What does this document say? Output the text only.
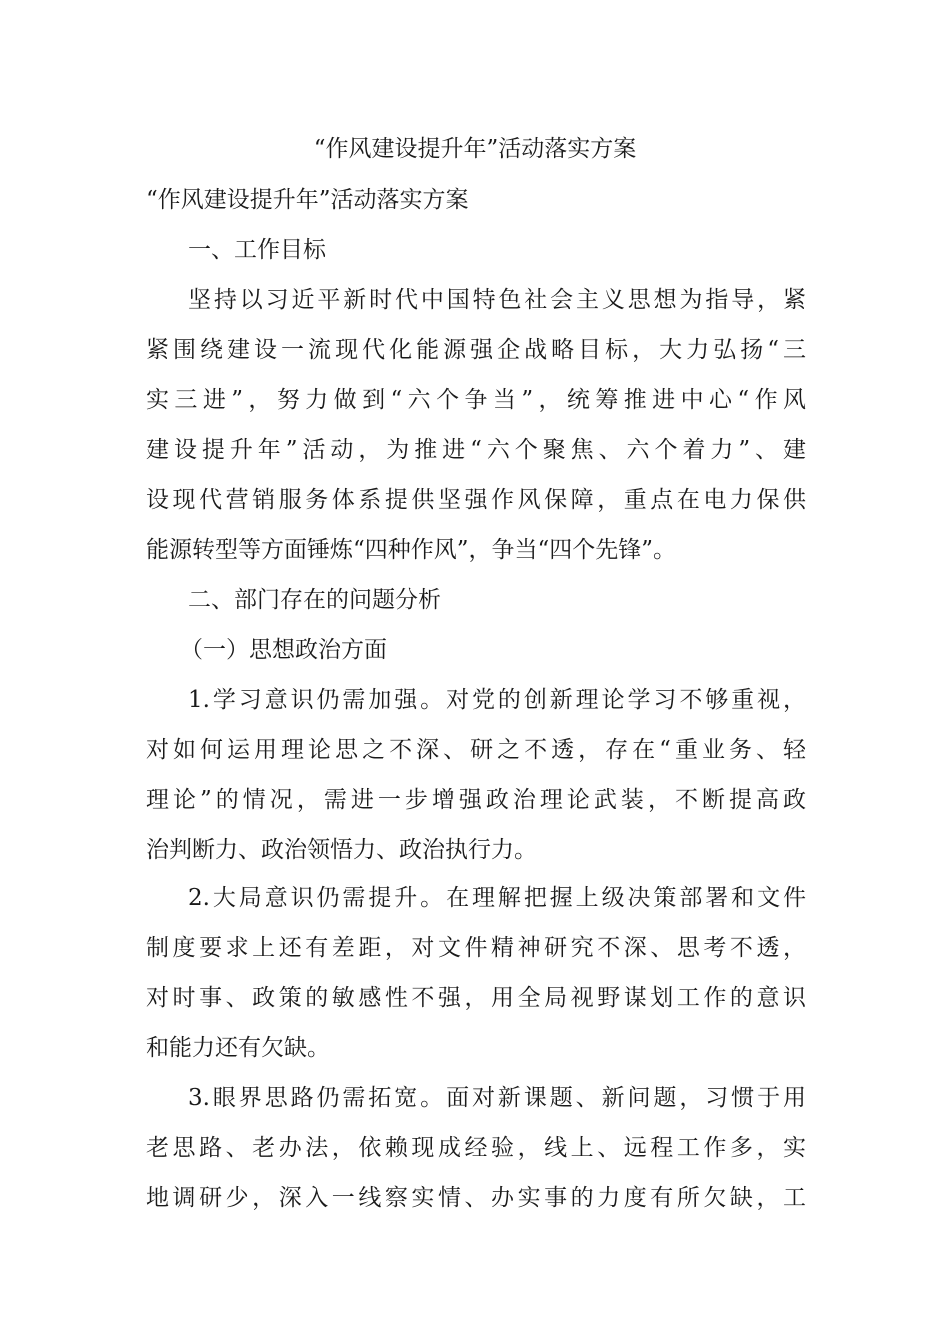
“作风建设提升年”活动落实方案

“作风建设提升年”活动落实方案

一、工作目标

坚持以习近平新时代中国特色社会主义思想为指导，紧

紧围绕建设一流现代化能源强企战略目标，大力弘扬“三

实三进”，努力做到“六个争当”，统筹推进中心“作风

建设提升年”活动，为推进“六个聚焦、六个着力”、建

设现代营销服务体系提供坚强作风保障，重点在电力保供

能源转型等方面锤炼“四种作风”，争当“四个先锋”。

二、部门存在的问题分析

（一）思想政治方面

1.学习意识仍需加强。对党的创新理论学习不够重视，

对如何运用理论思之不深、研之不透，存在“重业务、轻

理论”的情况，需进一步增强政治理论武装，不断提高政

治判断力、政治领悟力、政治执行力。

2.大局意识仍需提升。在理解把握上级决策部署和文件

制度要求上还有差距，对文件精神研究不深、思考不透，

对时事、政策的敏感性不强，用全局视野谋划工作的意识

和能力还有欠缺。

3.眼界思路仍需拓宽。面对新课题、新问题，习惯于用

老思路、老办法，依赖现成经验，线上、远程工作多，实

地调研少，深入一线察实情、办实事的力度有所欠缺，工
